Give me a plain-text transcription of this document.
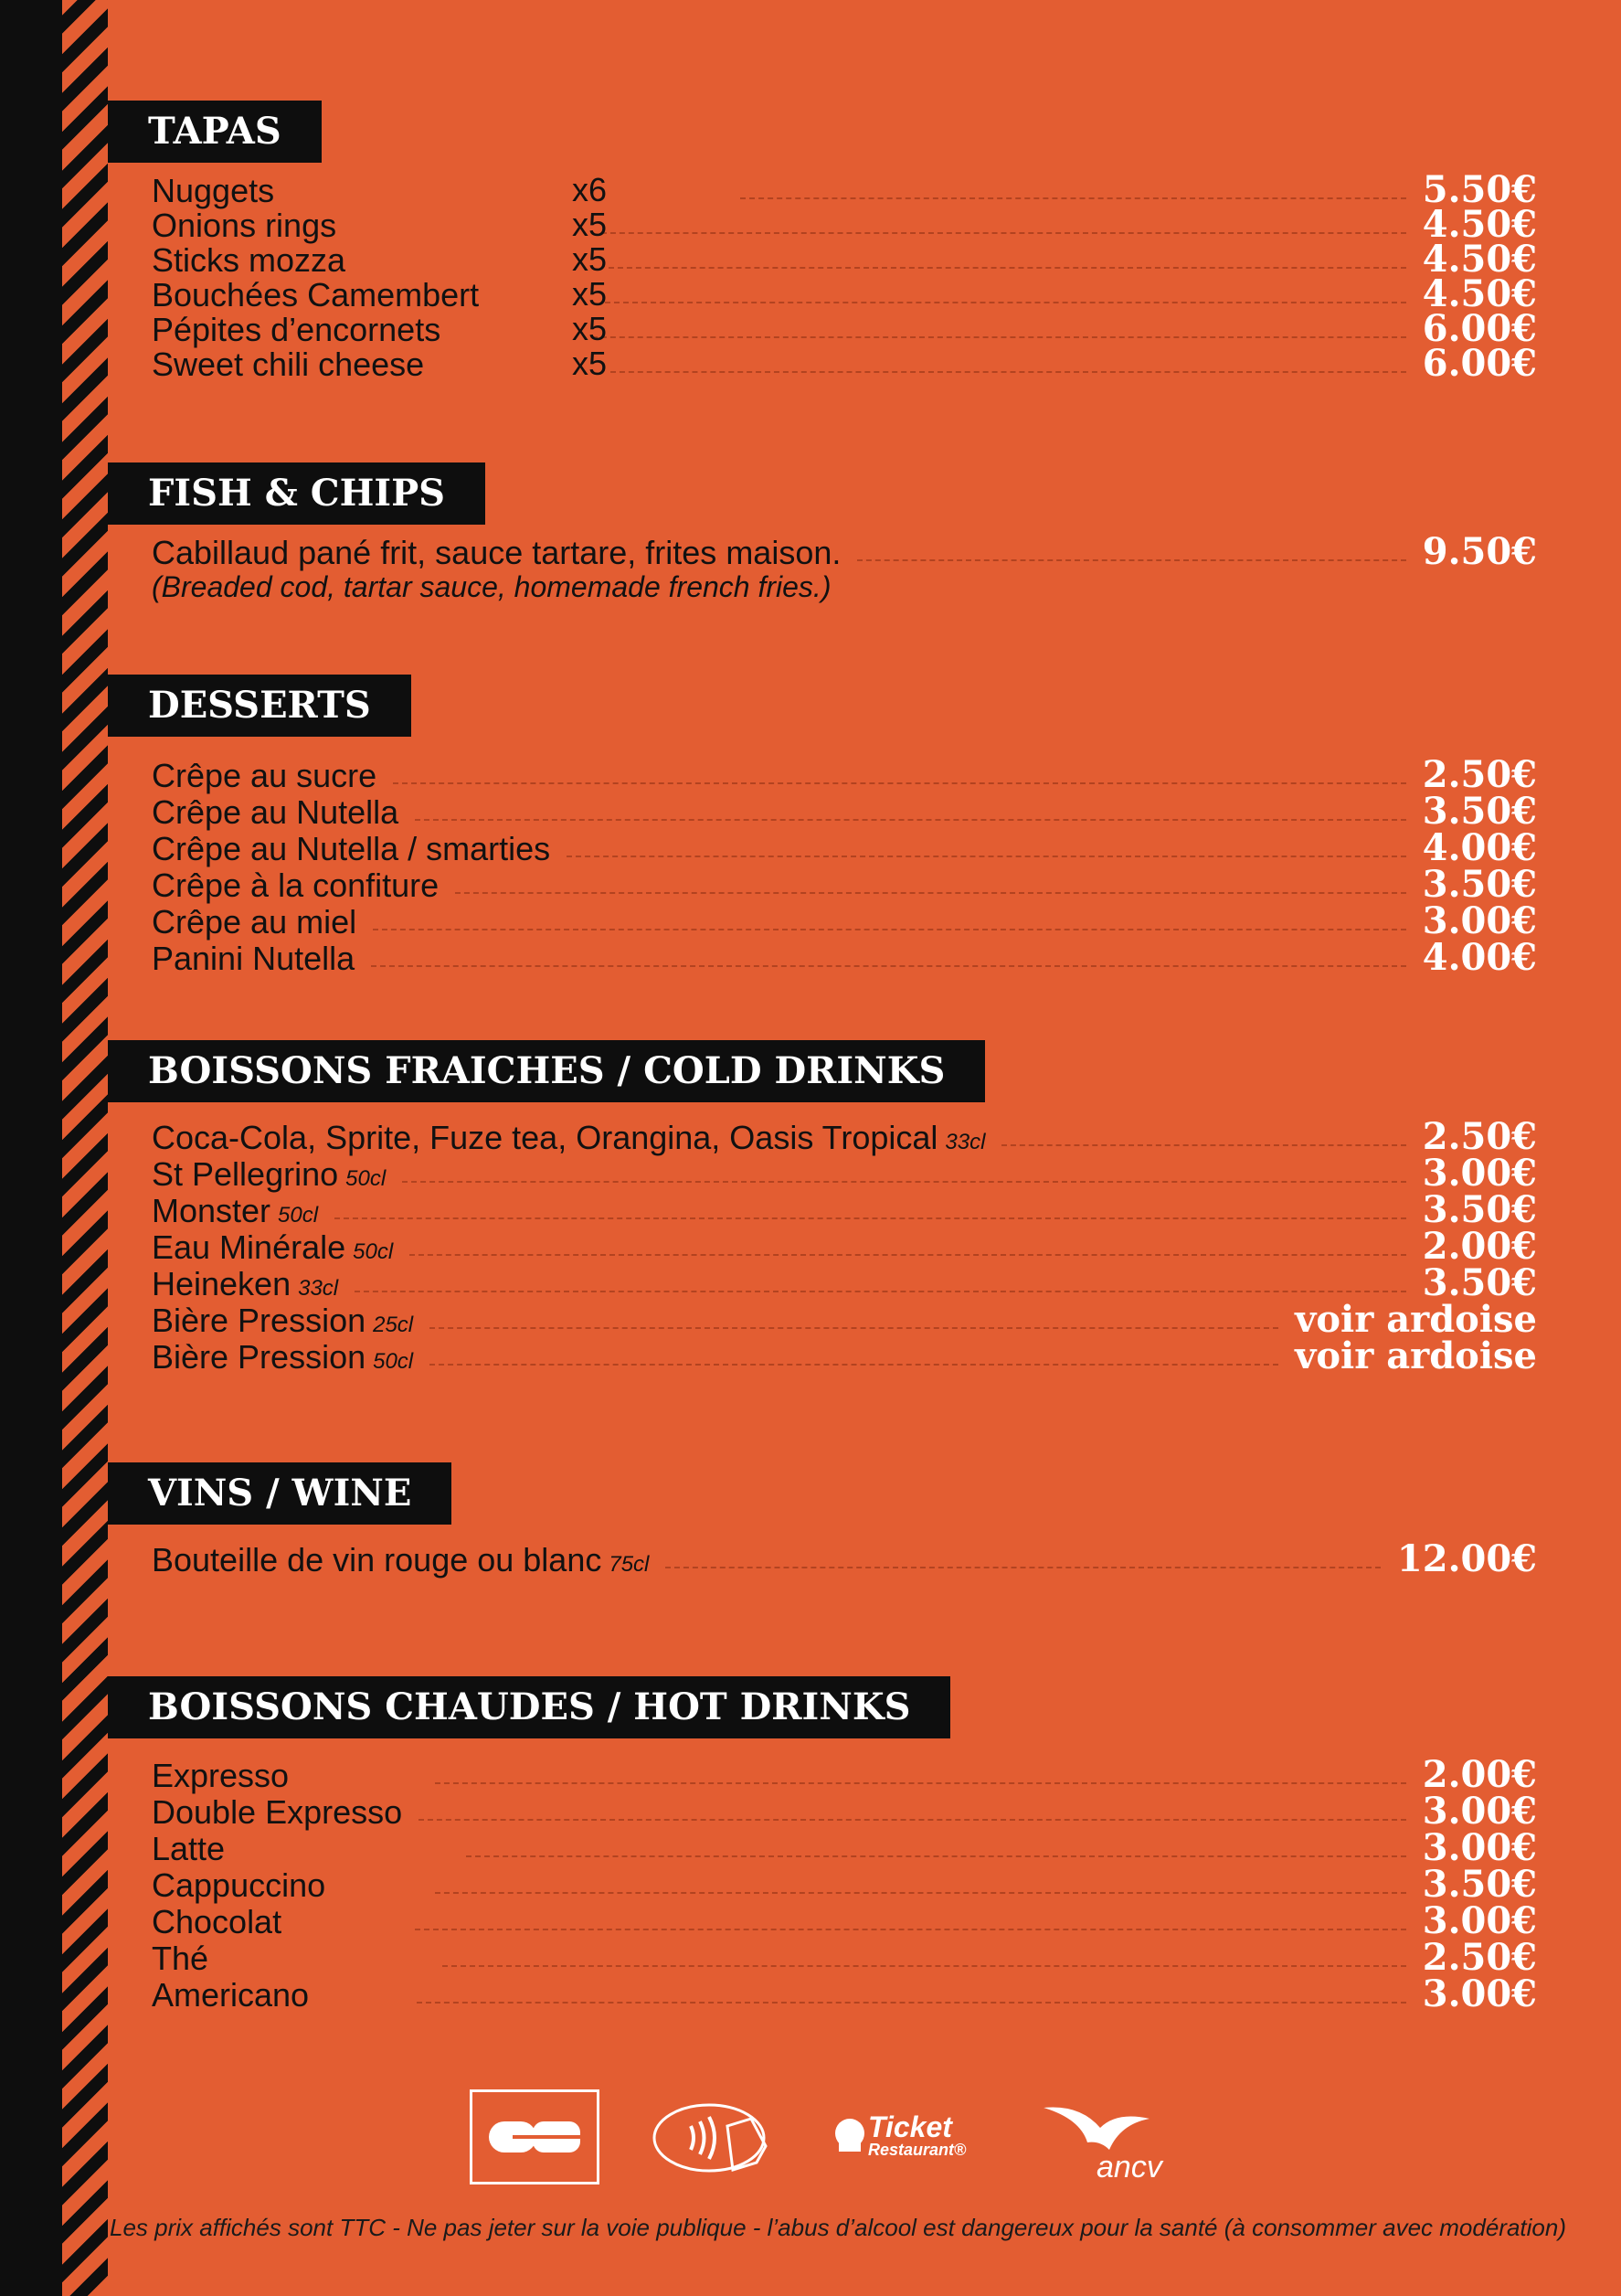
TAPAS
Nuggets	x6	5.50€
Onions rings	x5	4.50€
Sticks mozza	x5	4.50€
Bouchées Camembert	x5	4.50€
Pépites d’encornets	x5	6.00€
Sweet chili cheese	x5	6.00€
FISH & CHIPS
Cabillaud pané frit, sauce tartare, frites maison.	9.50€
(Breaded cod, tartar sauce, homemade french fries.)
DESSERTS
Crêpe au sucre	2.50€
Crêpe au Nutella	3.50€
Crêpe au Nutella / smarties	4.00€
Crêpe à la confiture	3.50€
Crêpe au miel	3.00€
Panini Nutella	4.00€
BOISSONS FRAICHES / COLD DRINKS
Coca-Cola, Sprite, Fuze tea, Orangina, Oasis Tropical 33cl	2.50€
St Pellegrino 50cl	3.00€
Monster 50cl	3.50€
Eau Minérale 50cl	2.00€
Heineken 33cl	3.50€
Bière Pression 25cl	voir ardoise
Bière Pression 50cl	voir ardoise
VINS / WINE
Bouteille de vin rouge ou blanc 75cl	12.00€
BOISSONS CHAUDES / HOT DRINKS
Expresso	2.00€
Double Expresso	3.00€
Latte	3.00€
Cappuccino	3.50€
Chocolat	3.00€
Thé	2.50€
Americano	3.00€
Ticket
Restaurant®	ancv
Les prix affichés sont TTC - Ne pas jeter sur la voie publique - l’abus d’alcool est dangereux pour la santé (à consommer avec modération)
